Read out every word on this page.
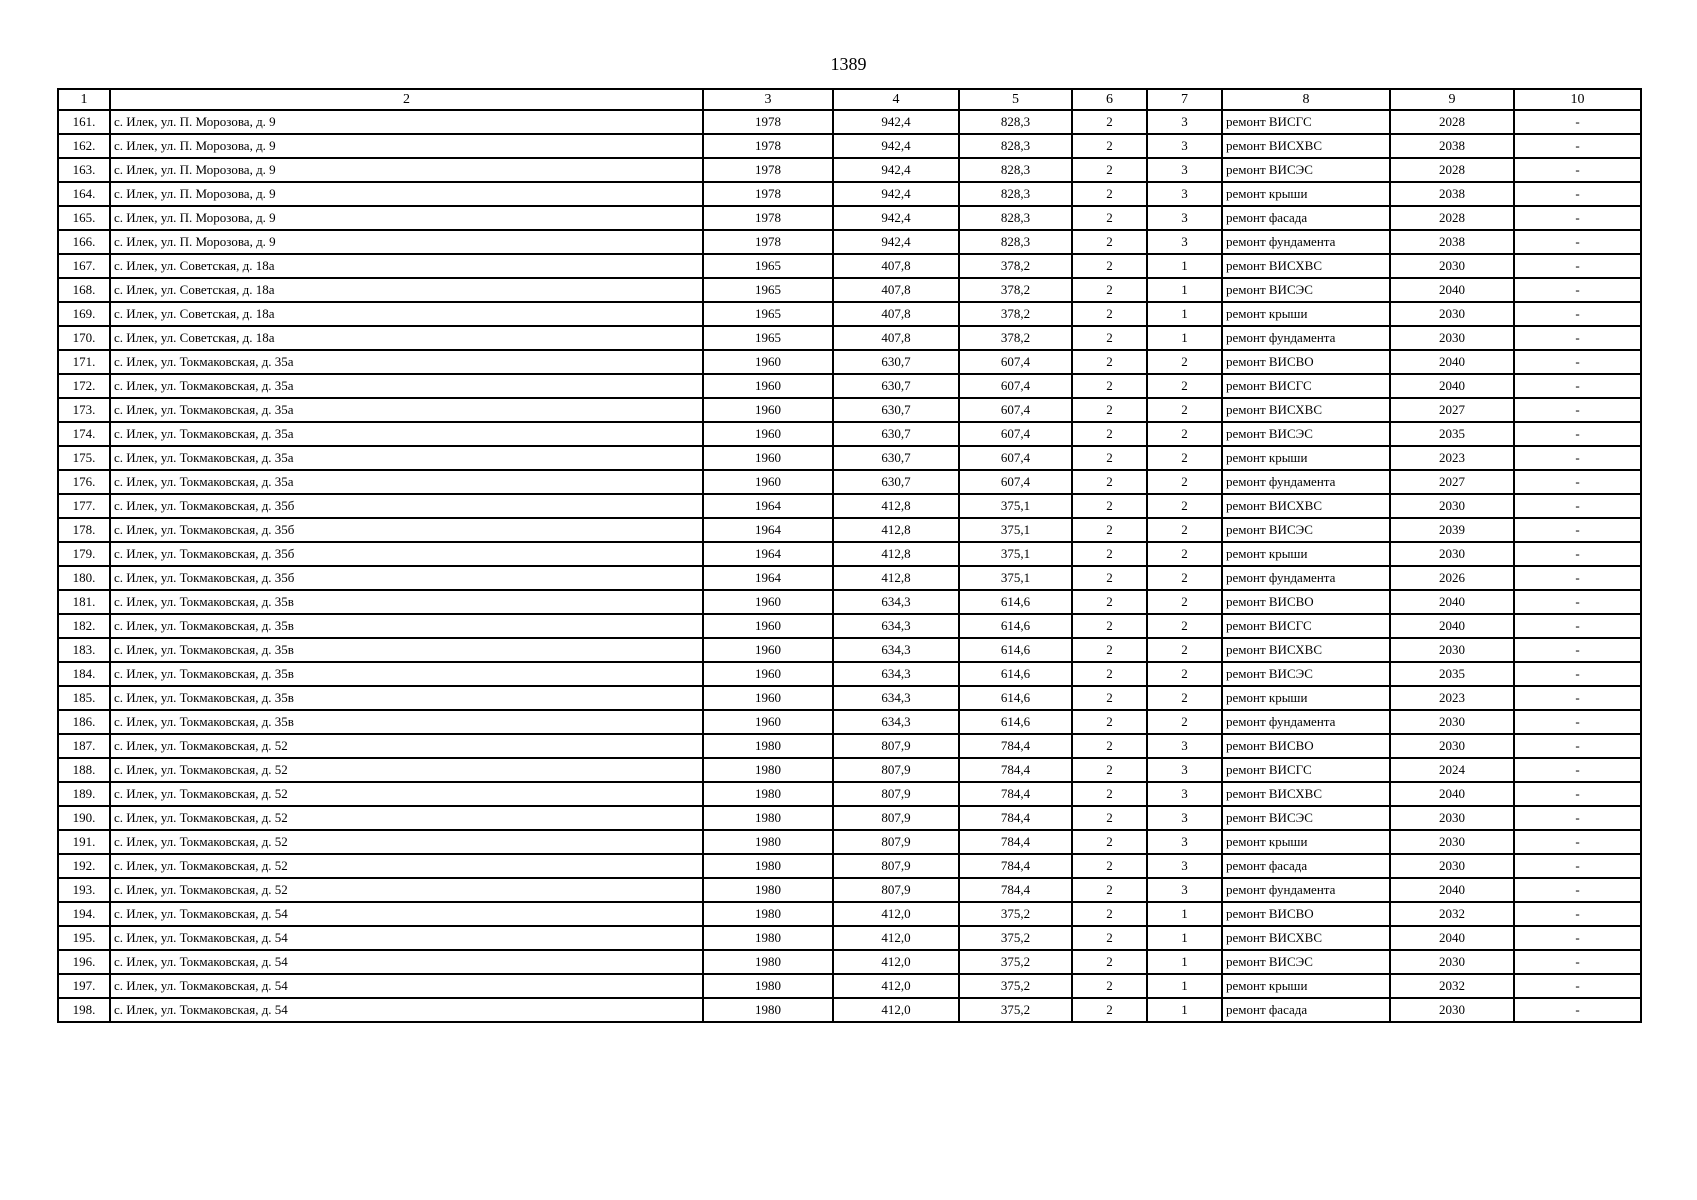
1389
1	2	3	4	5	6	7	8	9	10
161.	с. Илек, ул. П. Морозова, д. 9	1978	942,4	828,3	2	3	ремонт ВИСГС	2028	-
162.	с. Илек, ул. П. Морозова, д. 9	1978	942,4	828,3	2	3	ремонт ВИСХВС	2038	-
163.	с. Илек, ул. П. Морозова, д. 9	1978	942,4	828,3	2	3	ремонт ВИСЭС	2028	-
164.	с. Илек, ул. П. Морозова, д. 9	1978	942,4	828,3	2	3	ремонт крыши	2038	-
165.	с. Илек, ул. П. Морозова, д. 9	1978	942,4	828,3	2	3	ремонт фасада	2028	-
166.	с. Илек, ул. П. Морозова, д. 9	1978	942,4	828,3	2	3	ремонт фундамента	2038	-
167.	с. Илек, ул. Советская, д. 18а	1965	407,8	378,2	2	1	ремонт ВИСХВС	2030	-
168.	с. Илек, ул. Советская, д. 18а	1965	407,8	378,2	2	1	ремонт ВИСЭС	2040	-
169.	с. Илек, ул. Советская, д. 18а	1965	407,8	378,2	2	1	ремонт крыши	2030	-
170.	с. Илек, ул. Советская, д. 18а	1965	407,8	378,2	2	1	ремонт фундамента	2030	-
171.	с. Илек, ул. Токмаковская, д. 35а	1960	630,7	607,4	2	2	ремонт ВИСВО	2040	-
172.	с. Илек, ул. Токмаковская, д. 35а	1960	630,7	607,4	2	2	ремонт ВИСГС	2040	-
173.	с. Илек, ул. Токмаковская, д. 35а	1960	630,7	607,4	2	2	ремонт ВИСХВС	2027	-
174.	с. Илек, ул. Токмаковская, д. 35а	1960	630,7	607,4	2	2	ремонт ВИСЭС	2035	-
175.	с. Илек, ул. Токмаковская, д. 35а	1960	630,7	607,4	2	2	ремонт крыши	2023	-
176.	с. Илек, ул. Токмаковская, д. 35а	1960	630,7	607,4	2	2	ремонт фундамента	2027	-
177.	с. Илек, ул. Токмаковская, д. 35б	1964	412,8	375,1	2	2	ремонт ВИСХВС	2030	-
178.	с. Илек, ул. Токмаковская, д. 35б	1964	412,8	375,1	2	2	ремонт ВИСЭС	2039	-
179.	с. Илек, ул. Токмаковская, д. 35б	1964	412,8	375,1	2	2	ремонт крыши	2030	-
180.	с. Илек, ул. Токмаковская, д. 35б	1964	412,8	375,1	2	2	ремонт фундамента	2026	-
181.	с. Илек, ул. Токмаковская, д. 35в	1960	634,3	614,6	2	2	ремонт ВИСВО	2040	-
182.	с. Илек, ул. Токмаковская, д. 35в	1960	634,3	614,6	2	2	ремонт ВИСГС	2040	-
183.	с. Илек, ул. Токмаковская, д. 35в	1960	634,3	614,6	2	2	ремонт ВИСХВС	2030	-
184.	с. Илек, ул. Токмаковская, д. 35в	1960	634,3	614,6	2	2	ремонт ВИСЭС	2035	-
185.	с. Илек, ул. Токмаковская, д. 35в	1960	634,3	614,6	2	2	ремонт крыши	2023	-
186.	с. Илек, ул. Токмаковская, д. 35в	1960	634,3	614,6	2	2	ремонт фундамента	2030	-
187.	с. Илек, ул. Токмаковская, д. 52	1980	807,9	784,4	2	3	ремонт ВИСВО	2030	-
188.	с. Илек, ул. Токмаковская, д. 52	1980	807,9	784,4	2	3	ремонт ВИСГС	2024	-
189.	с. Илек, ул. Токмаковская, д. 52	1980	807,9	784,4	2	3	ремонт ВИСХВС	2040	-
190.	с. Илек, ул. Токмаковская, д. 52	1980	807,9	784,4	2	3	ремонт ВИСЭС	2030	-
191.	с. Илек, ул. Токмаковская, д. 52	1980	807,9	784,4	2	3	ремонт крыши	2030	-
192.	с. Илек, ул. Токмаковская, д. 52	1980	807,9	784,4	2	3	ремонт фасада	2030	-
193.	с. Илек, ул. Токмаковская, д. 52	1980	807,9	784,4	2	3	ремонт фундамента	2040	-
194.	с. Илек, ул. Токмаковская, д. 54	1980	412,0	375,2	2	1	ремонт ВИСВО	2032	-
195.	с. Илек, ул. Токмаковская, д. 54	1980	412,0	375,2	2	1	ремонт ВИСХВС	2040	-
196.	с. Илек, ул. Токмаковская, д. 54	1980	412,0	375,2	2	1	ремонт ВИСЭС	2030	-
197.	с. Илек, ул. Токмаковская, д. 54	1980	412,0	375,2	2	1	ремонт крыши	2032	-
198.	с. Илек, ул. Токмаковская, д. 54	1980	412,0	375,2	2	1	ремонт фасада	2030	-
